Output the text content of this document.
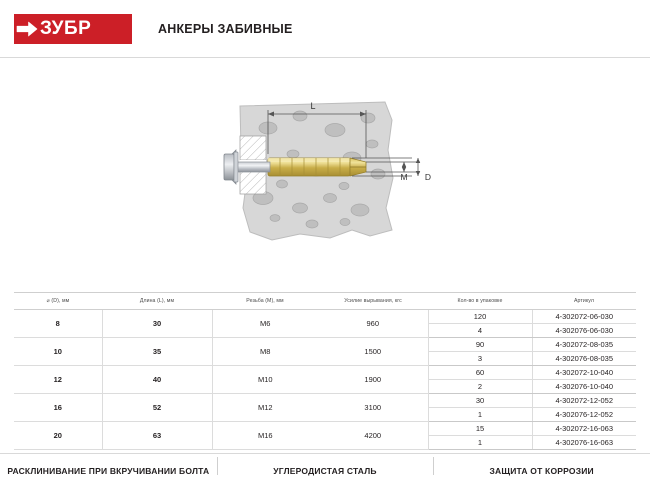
ЗУБР	АНКЕРЫ ЗАБИВНЫЕ
L
M D
⌀ (D), мм	Длина (L), мм	Резьба (M), мм	Усилие вырывания, кгс	Кол-во в упаковке	Артикул
8	30	M6	960	120	4-302072-06-030
				4	4-302076-06-030
10	35	M8	1500	90	4-302072-08-035
				3	4-302076-08-035
12	40	M10	1900	60	4-302072-10-040
				2	4-302076-10-040
16	52	M12	3100	30	4-302072-12-052
				1	4-302076-12-052
20	63	M16	4200	15	4-302072-16-063
				1	4-302076-16-063
РАСКЛИНИВАНИЕ ПРИ ВКРУЧИВАНИИ БОЛТА	УГЛЕРОДИСТАЯ СТАЛЬ	ЗАЩИТА ОТ КОРРОЗИИ
